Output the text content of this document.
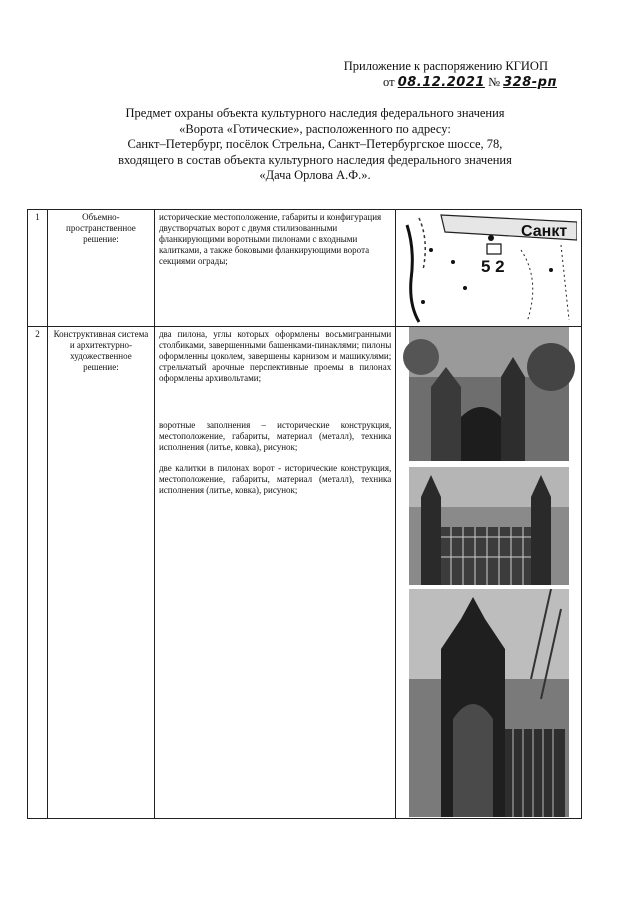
Приложение к распоряжению КГИОП
от 08.12.2021 № 328-рп
Предмет охраны объекта культурного наследия федерального значения
«Ворота «Готические», расположенного по адресу:
Санкт–Петербург, посёлок Стрельна, Санкт–Петербургское шоссе, 78,
входящего в состав объекта культурного наследия федерального значения
«Дача Орлова А.Ф.».
1	Объемно-пространственное решение:	исторические местоположение, габариты и конфигурация двустворчатых ворот с двумя стилизованными фланкирующими воротными пилонами с входными калитками, а также боковыми фланкирующими ворота секциями ограды;	Санкт
5 2

2	Конструктивная система и архитектурно-художественное решение:	два пилона, углы которых оформлены восьмигранными столбиками, завершенными башенками-пинаклями; пилоны оформленны цоколем, завершены карнизом и машикулями; стрельчатый арочные перспективные проемы в пилонах оформлены архивольтами;
воротные заполнения – исторические конструкция, местоположение, габариты, материал (металл), техника исполнения (литье, ковка), рисунок;
две калитки в пилонах ворот - исторические конструкция, местоположение, габариты, материал (металл), техника исполнения (литье, ковка), рисунок;
